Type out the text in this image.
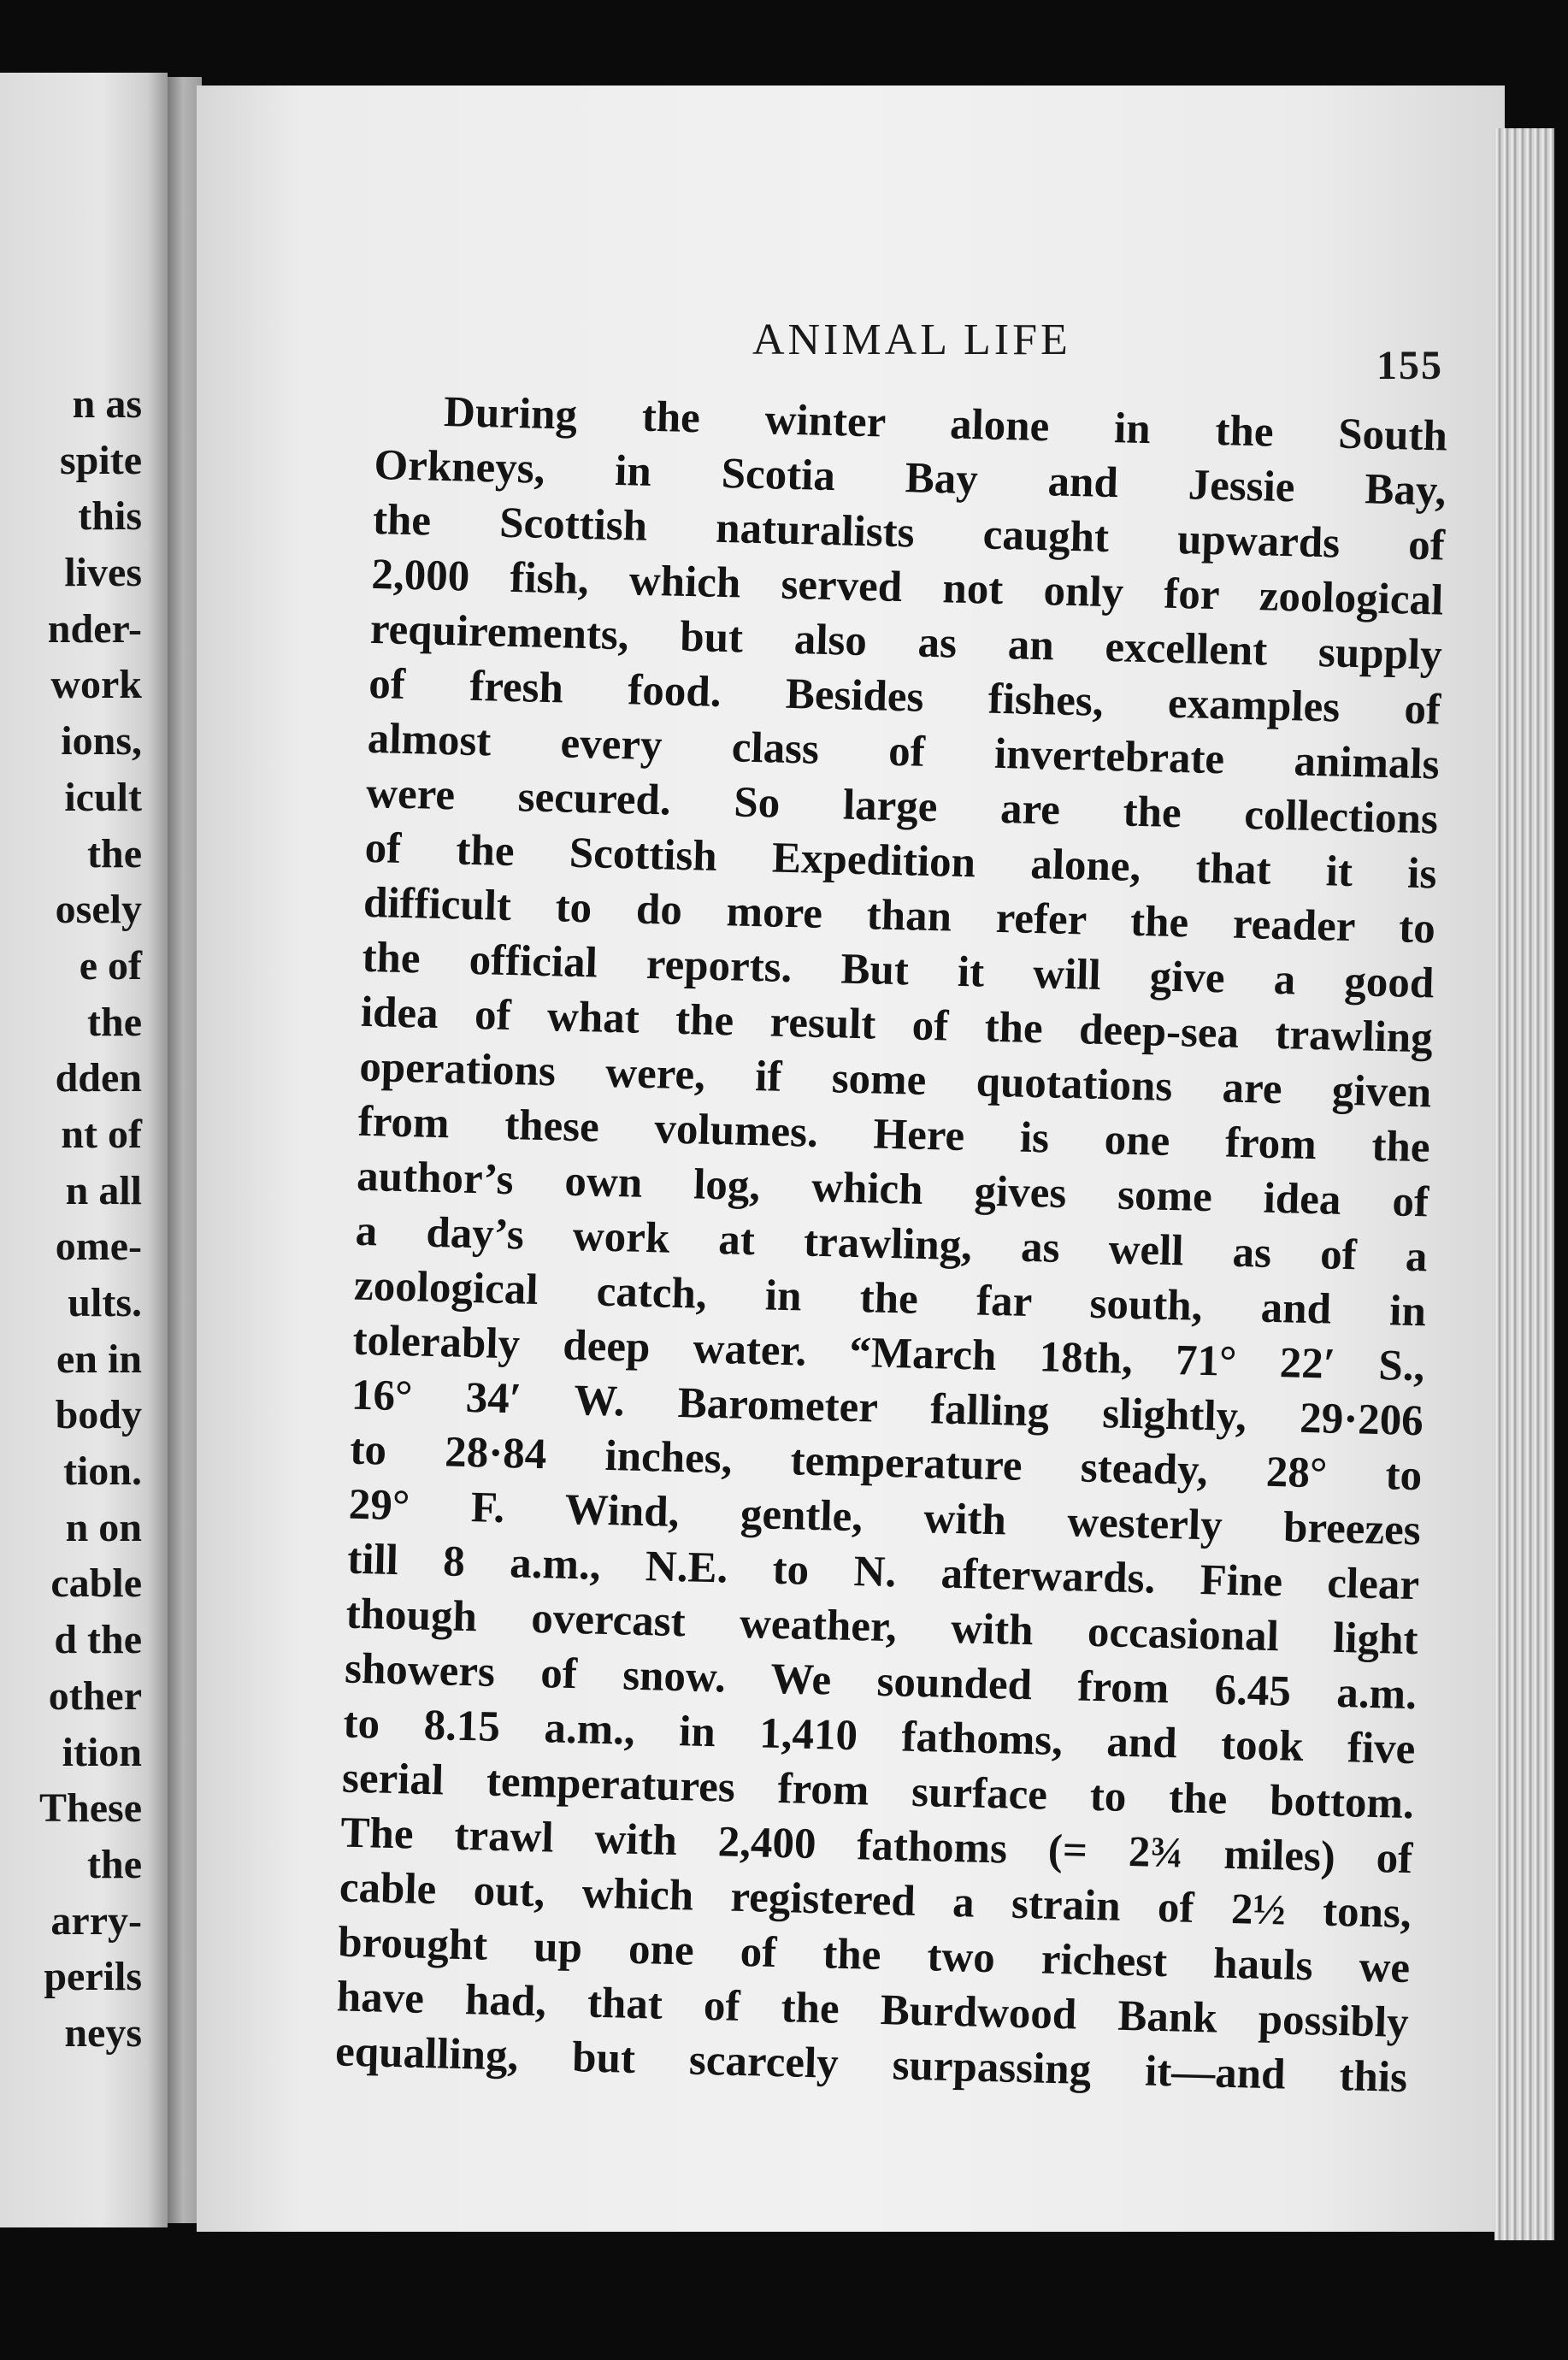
n as
spite
this
lives
nder-
work
ions,
icult
the
osely
e of
the
dden
nt of
n all
ome-
ults.
en in
body
tion.
n on
cable
d the
other
ition
These
the
arry-
perils
neys
ANIMAL LIFE
155
During the winter alone in the South
Orkneys, in Scotia Bay and Jessie Bay,
the Scottish naturalists caught upwards of
2,000 fish, which served not only for zoological
requirements, but also as an excellent supply
of fresh food. Besides fishes, examples of
almost every class of invertebrate animals
were secured. So large are the collections
of the Scottish Expedition alone, that it is
difficult to do more than refer the reader to
the official reports. But it will give a good
idea of what the result of the deep-sea trawling
operations were, if some quotations are given
from these volumes. Here is one from the
author’s own log, which gives some idea of
a day’s work at trawling, as well as of a
zoological catch, in the far south, and in
tolerably deep water. “March 18th, 71° 22′ S.,
16° 34′ W. Barometer falling slightly, 29·206
to 28·84 inches, temperature steady, 28° to
29° F. Wind, gentle, with westerly breezes
till 8 a.m., N.E. to N. afterwards. Fine clear
though overcast weather, with occasional light
showers of snow. We sounded from 6.45 a.m.
to 8.15 a.m., in 1,410 fathoms, and took five
serial temperatures from surface to the bottom.
The trawl with 2,400 fathoms (= 2¾ miles) of
cable out, which registered a strain of 2½ tons,
brought up one of the two richest hauls we
have had, that of the Burdwood Bank possibly
equalling, but scarcely surpassing it—and this
